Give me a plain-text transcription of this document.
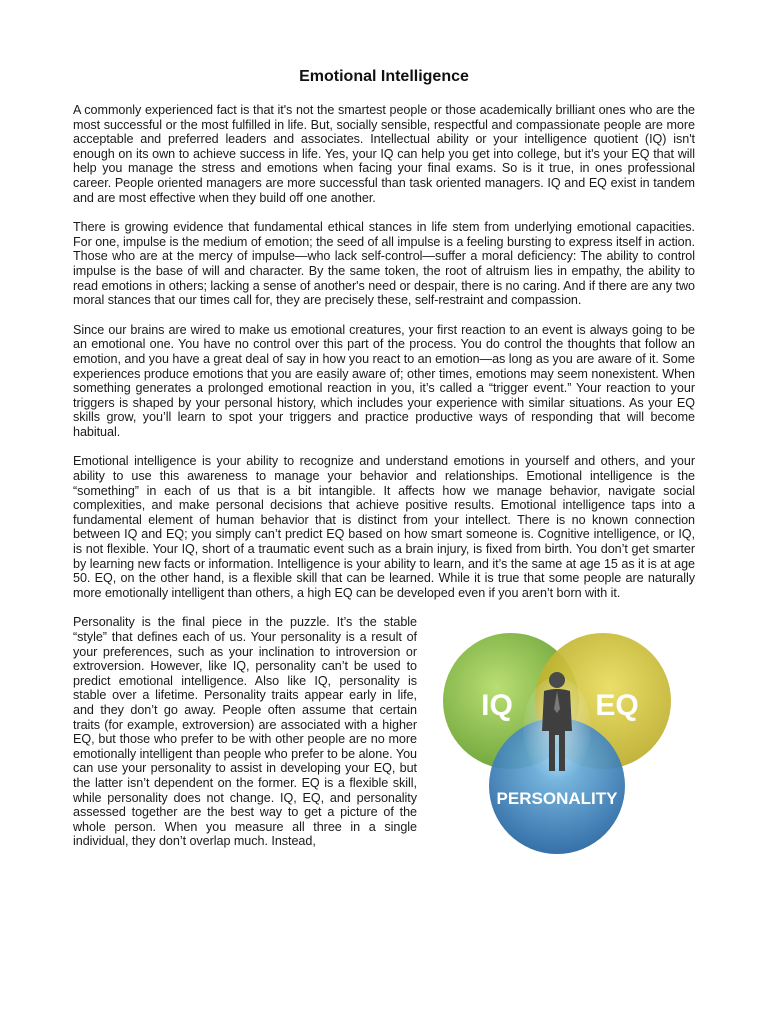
Emotional Intelligence

A commonly experienced fact is that it's not the smartest people or those academically brilliant ones who are the most successful or the most fulfilled in life. But, socially sensible, respectful and compassionate people are more acceptable and preferred leaders and associates. Intellectual ability or your intelligence quotient (IQ) isn't enough on its own to achieve success in life. Yes, your IQ can help you get into college, but it's your EQ that will help you manage the stress and emotions when facing your final exams. So is it true, in ones professional career. People oriented managers are more successful than task oriented managers. IQ and EQ exist in tandem and are most effective when they build off one another.

There is growing evidence that fundamental ethical stances in life stem from underlying emotional capacities. For one, impulse is the medium of emotion; the seed of all impulse is a feeling bursting to express itself in action. Those who are at the mercy of impulse—who lack self-control—suffer a moral deficiency: The ability to control impulse is the base of will and character. By the same token, the root of altruism lies in empathy, the ability to read emotions in others; lacking a sense of another's need or despair, there is no caring. And if there are any two moral stances that our times call for, they are precisely these, self-restraint and compassion.

Since our brains are wired to make us emotional creatures, your first reaction to an event is always going to be an emotional one. You have no control over this part of the process. You do control the thoughts that follow an emotion, and you have a great deal of say in how you react to an emotion—as long as you are aware of it. Some experiences produce emotions that you are easily aware of; other times, emotions may seem nonexistent. When something generates a prolonged emotional reaction in you, it’s called a “trigger event.” Your reaction to your triggers is shaped by your personal history, which includes your experience with similar situations. As your EQ skills grow, you’ll learn to spot your triggers and practice productive ways of responding that will become habitual.

Emotional intelligence is your ability to recognize and understand emotions in yourself and others, and your ability to use this awareness to manage your behavior and relationships. Emotional intelligence is the “something” in each of us that is a bit intangible. It affects how we manage behavior, navigate social complexities, and make personal decisions that achieve positive results. Emotional intelligence taps into a fundamental element of human behavior that is distinct from your intellect. There is no known connection between IQ and EQ; you simply can’t predict EQ based on how smart someone is. Cognitive intelligence, or IQ, is not flexible. Your IQ, short of a traumatic event such as a brain injury, is fixed from birth. You don’t get smarter by learning new facts or information. Intelligence is your ability to learn, and it’s the same at age 15 as it is at age 50. EQ, on the other hand, is a flexible skill that can be learned. While it is true that some people are naturally more emotionally intelligent than others, a high EQ can be developed even if you aren’t born with it.

Personality is the final piece in the puzzle. It’s the stable “style” that defines each of us. Your personality is a result of your preferences, such as your inclination to introversion or extroversion. However, like IQ, personality can’t be used to predict emotional intelligence. Also like IQ, personality is stable over a lifetime. Personality traits appear early in life, and they don’t go away. People often assume that certain traits (for example, extroversion) are associated with a higher EQ, but those who prefer to be with other people are no more emotionally intelligent than people who prefer to be alone. You can use your personality to assist in developing your EQ, but the latter isn’t dependent on the former. EQ is a flexible skill, while personality does not change. IQ, EQ, and personality assessed together are the best way to get a picture of the whole person. When you measure all three in a single individual, they don’t overlap much. Instead,

IQ	EQ
PERSONALITY
